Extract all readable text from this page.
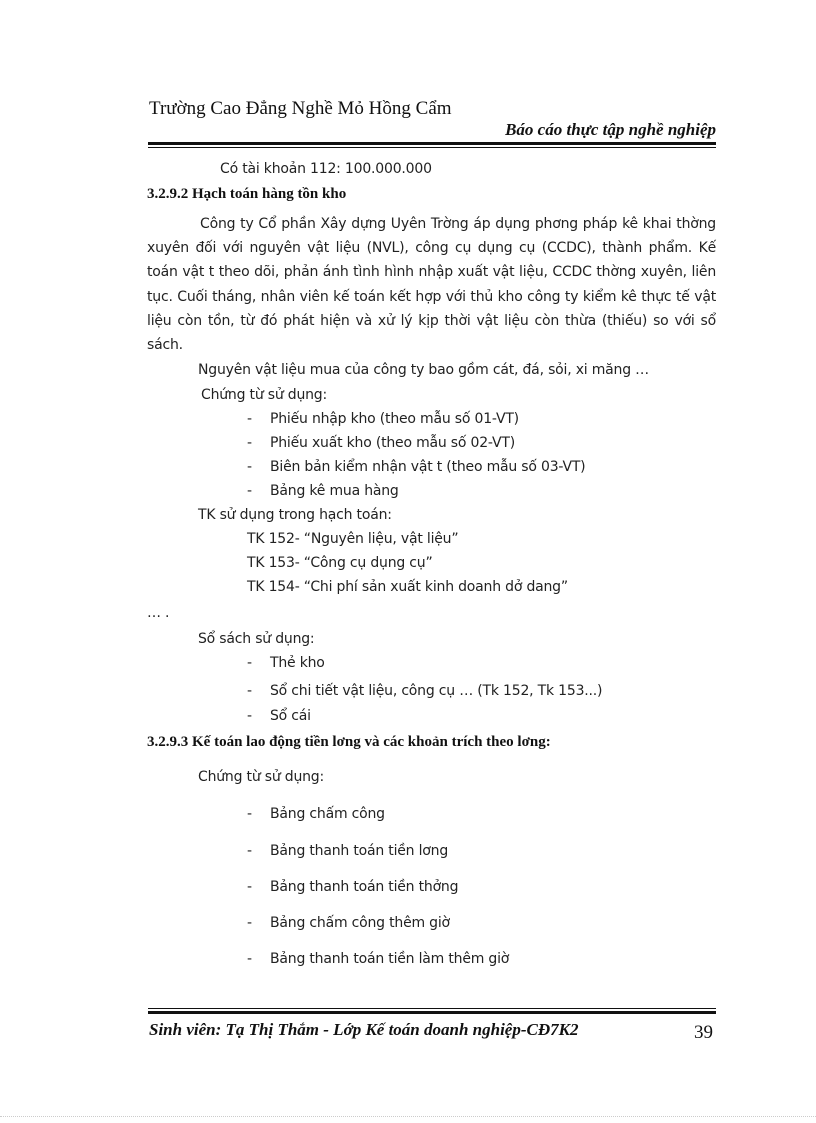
Trường Cao Đẳng Nghề Mỏ Hồng Cẩm
Báo cáo thực tập nghề nghiệp
Có tài khoản 112: 100.000.000
3.2.9.2 Hạch toán hàng tồn kho

Công ty Cổ phần Xây dựng Uyên Trờng áp dụng phơng pháp kê khai thờng xuyên đối với nguyên vật liệu (NVL), công cụ dụng cụ (CCDC), thành phẩm. Kế toán vật t theo dõi, phản ánh tình hình nhập xuất vật liệu, CCDC thờng xuyên, liên tục. Cuối tháng, nhân viên kế toán kết hợp với thủ kho công ty kiểm kê thực tế vật liệu còn tồn, từ đó phát hiện và xử lý kịp thời vật liệu còn thừa (thiếu) so với sổ sách.

Nguyên vật liệu mua của công ty bao gồm cát, đá, sỏi, xi măng …
Chứng từ sử dụng:
- Phiếu nhập kho (theo mẫu số 01-VT)
- Phiếu xuất kho (theo mẫu số 02-VT)
- Biên bản kiểm nhận vật t (theo mẫu số 03-VT)
- Bảng kê mua hàng
TK sử dụng trong hạch toán:
TK 152- “Nguyên liệu, vật liệu”
TK 153- “Công cụ dụng cụ”
TK 154- “Chi phí sản xuất kinh doanh dở dang”
… .
Sổ sách sử dụng:
- Thẻ kho
- Sổ chi tiết vật liệu, công cụ … (Tk 152, Tk 153...)
- Sổ cái
3.2.9.3 Kế toán lao động tiền lơng và các khoản trích theo lơng:
Chứng từ sử dụng:
- Bảng chấm công
- Bảng thanh toán tiền lơng
- Bảng thanh toán tiền thởng
- Bảng chấm công thêm giờ
- Bảng thanh toán tiền làm thêm giờ
Sinh viên: Tạ Thị Thắm - Lớp Kế toán doanh nghiệp-CĐ7K2	39
